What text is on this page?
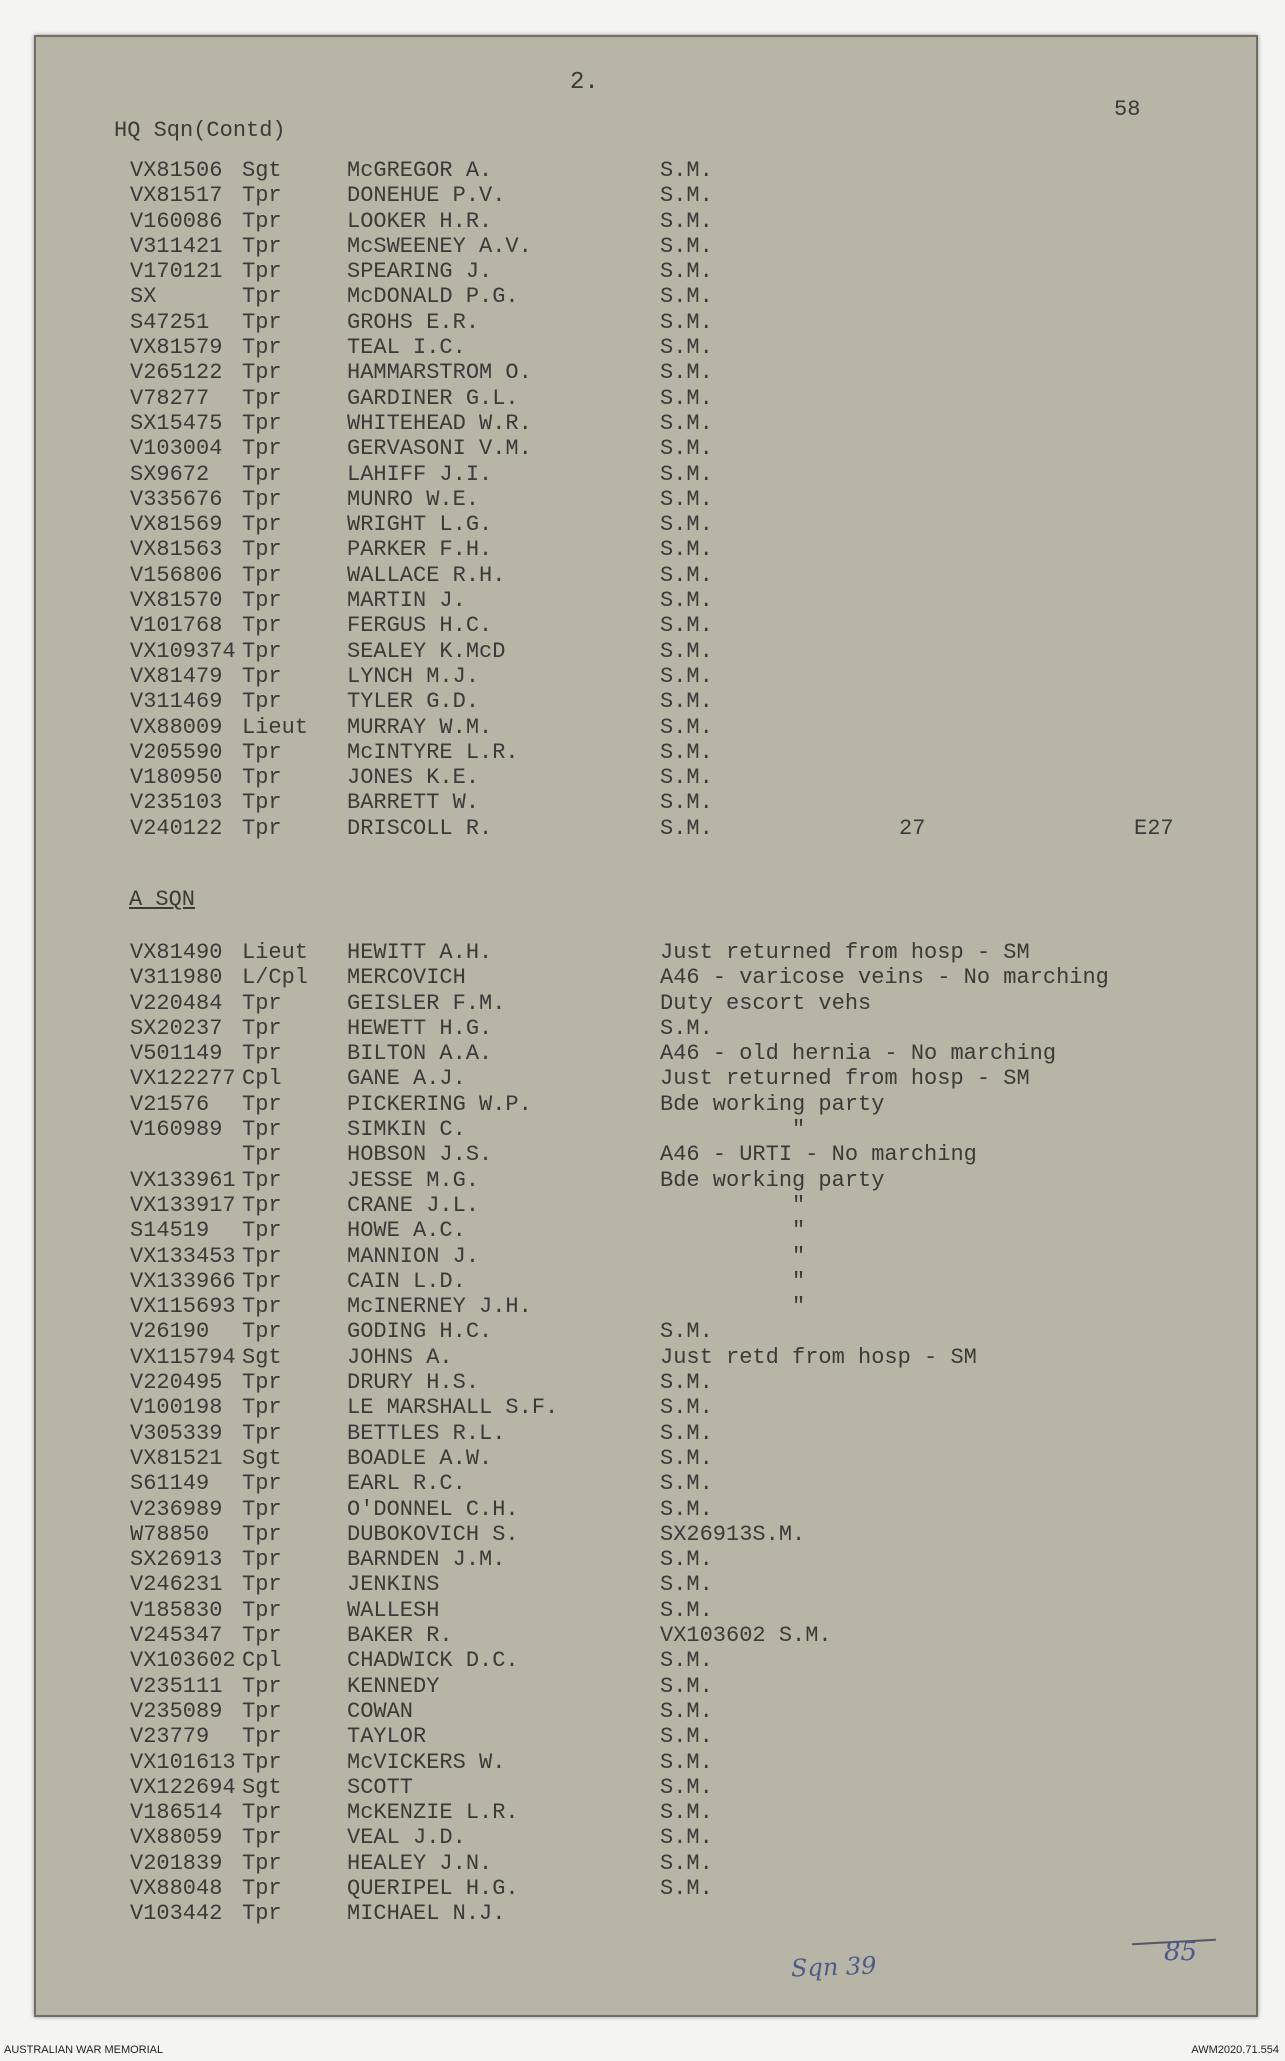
2.
58
HQ Sqn(Contd)
VX81506 Sgt	McGREGOR A.	S.M.
VX81517 Tpr	DONEHUE P.V.	S.M.
V160086 Tpr	LOOKER H.R.	S.M.
V311421 Tpr	McSWEENEY A.V.	S.M.
V170121 Tpr	SPEARING J.	S.M.
SX	Tpr	McDONALD P.G.	S.M.
S47251 Tpr	GROHS E.R.	S.M.
VX81579 Tpr	TEAL I.C.	S.M.
V265122 Tpr	HAMMARSTROM O.	S.M.
V78277 Tpr	GARDINER G.L.	S.M.
SX15475 Tpr	WHITEHEAD W.R.	S.M.
V103004 Tpr	GERVASONI V.M.	S.M.
SX9672 Tpr	LAHIFF J.I.	S.M.
V335676 Tpr	MUNRO W.E.	S.M.
VX81569 Tpr	WRIGHT L.G.	S.M.
VX81563 Tpr	PARKER F.H.	S.M.
V156806 Tpr	WALLACE R.H.	S.M.
VX81570 Tpr	MARTIN J.	S.M.
V101768 Tpr	FERGUS H.C.	S.M.
VX109374 Tpr	SEALEY K.McD	S.M.
VX81479 Tpr	LYNCH M.J.	S.M.
V311469 Tpr	TYLER G.D.	S.M.
VX88009 Lieut MURRAY W.M.	S.M.
V205590 Tpr	McINTYRE L.R.	S.M.
V180950 Tpr	JONES K.E.	S.M.
V235103 Tpr	BARRETT W.	S.M.
V240122 Tpr	DRISCOLL R.	S.M.	27	E27
A SQN
VX81490 Lieut HEWITT A.H.	Just returned from hosp - SM
V311980 L/Cpl MERCOVICH	A46 - varicose veins - No marching
V220484 Tpr	GEISLER F.M.	Duty escort vehs
SX20237 Tpr	HEWETT H.G.	S.M.
V501149 Tpr	BILTON A.A.	A46 - old hernia - No marching
VX122277 Cpl	GANE A.J.	Just returned from hosp - SM
V21576 Tpr	PICKERING W.P.	Bde working party
V160989 Tpr	SIMKIN C.	"
Tpr	HOBSON J.S.	A46 - URTI - No marching
VX133961 Tpr	JESSE M.G.	Bde working party
VX133917 Tpr	CRANE J.L.	"
S14519 Tpr	HOWE A.C.	"
VX133453 Tpr	MANNION J.	"
VX133966 Tpr	CAIN L.D.	"
VX115693 Tpr	McINERNEY J.H.	"
V26190 Tpr	GODING H.C.	S.M.
VX115794 Sgt	JOHNS A.	Just retd from hosp - SM
V220495 Tpr	DRURY H.S.	S.M.
V100198 Tpr	LE MARSHALL S.F.	S.M.
V305339 Tpr	BETTLES R.L.	S.M.
VX81521 Sgt	BOADLE A.W.	S.M.
S61149 Tpr	EARL R.C.	S.M.
V236989 Tpr	O'DONNEL C.H.	S.M.
W78850 Tpr	DUBOKOVICH S.	SX26913S.M.
SX26913 Tpr	BARNDEN J.M.	S.M.
V246231 Tpr	JENKINS	S.M.
V185830 Tpr	WALLESH	S.M.
V245347 Tpr	BAKER R.	VX103602 S.M.
VX103602 Cpl	CHADWICK D.C.	S.M.
V235111 Tpr	KENNEDY	S.M.
V235089 Tpr	COWAN	S.M.
V23779 Tpr	TAYLOR	S.M.
VX101613 Tpr	McVICKERS W.	S.M.
VX122694 Sgt	SCOTT	S.M.
V186514 Tpr	McKENZIE L.R.	S.M.
VX88059 Tpr	VEAL J.D.	S.M.
V201839 Tpr	HEALEY J.N.	S.M.
VX88048 Tpr	QUERIPEL H.G.	S.M.
V103442 Tpr	MICHAEL N.J.
Sqn 39	85
AUSTRALIAN WAR MEMORIAL	AWM2020.71.554
